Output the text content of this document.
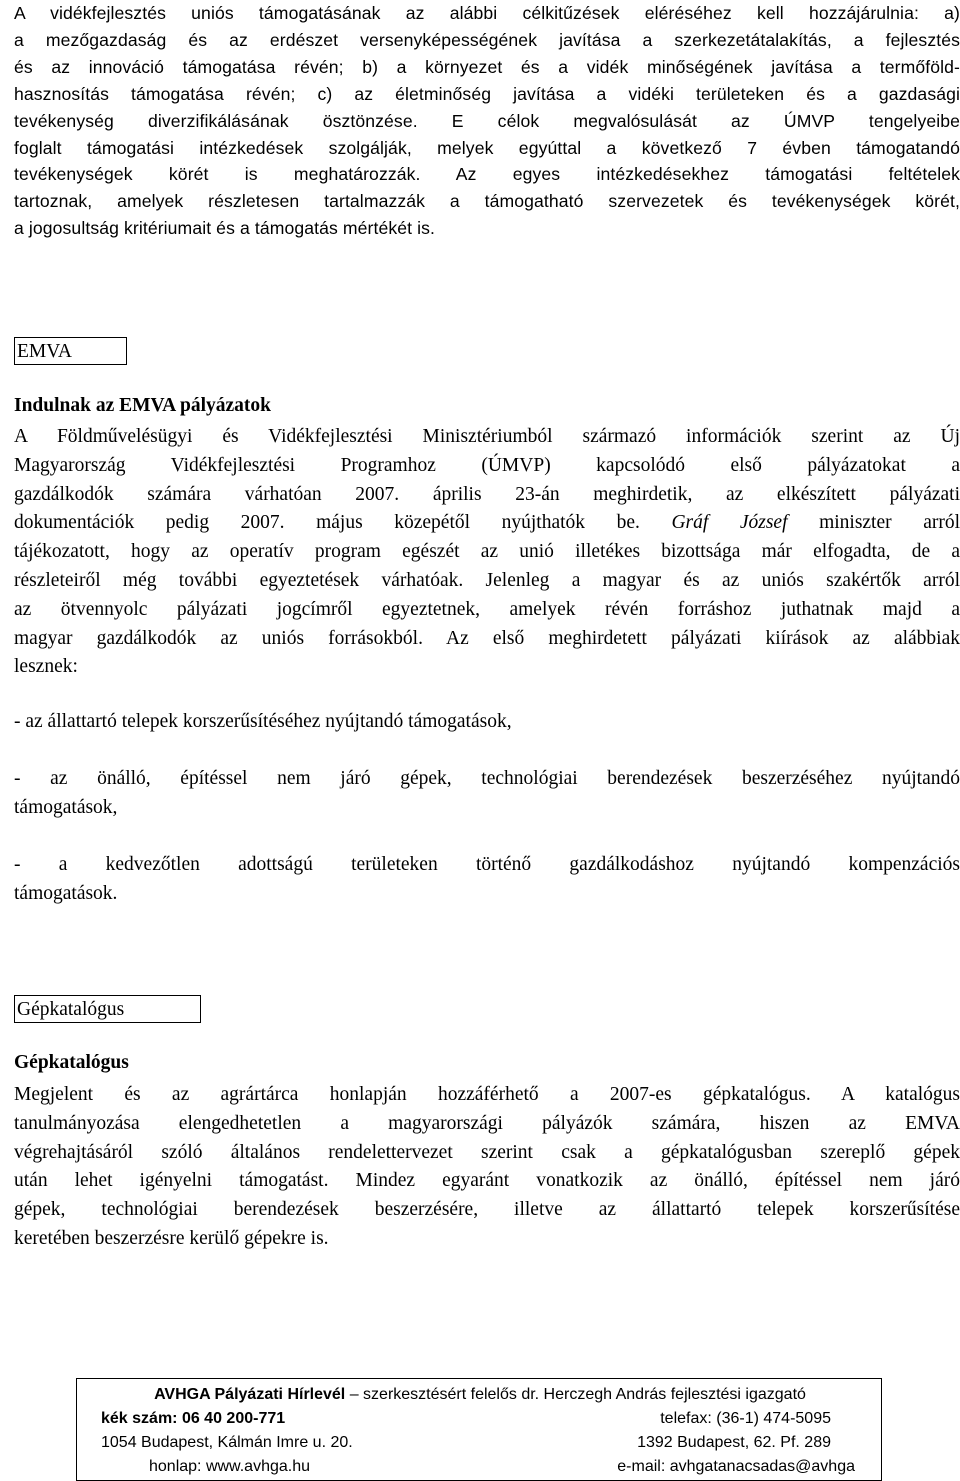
A vidékfejlesztés uniós támogatásának az alábbi célkitűzések eléréséhez kell hozzájárulnia: a)
a mezőgazdaság és az erdészet versenyképességének javítása a szerkezetátalakítás, a fejlesztés
és az innováció támogatása révén; b) a környezet és a vidék minőségének javítása a termőföld-
hasznosítás támogatása révén; c) az életminőség javítása a vidéki területeken és a gazdasági
tevékenység diverzifikálásának ösztönzése. E célok megvalósulását az ÚMVP tengelyeibe
foglalt támogatási intézkedések szolgálják, melyek egyúttal a következő 7 évben támogatandó
tevékenységek körét is meghatározzák. Az egyes intézkedésekhez támogatási feltételek
tartoznak, amelyek részletesen tartalmazzák a támogatható szervezetek és tevékenységek körét,
a jogosultság kritériumait és a támogatás mértékét is.
EMVA
Indulnak az EMVA pályázatok
A Földművelésügyi és Vidékfejlesztési Minisztériumból származó információk szerint az Új
Magyarország Vidékfejlesztési Programhoz (ÚMVP) kapcsolódó első pályázatokat a
gazdálkodók számára várhatóan 2007. április 23-án meghirdetik, az elkészített pályázati
dokumentációk pedig 2007. május közepétől nyújthatók be. Gráf József miniszter arról
tájékozatott, hogy az operatív program egészét az unió illetékes bizottsága már elfogadta, de a
részleteiről még további egyeztetések várhatóak. Jelenleg a magyar és az uniós szakértők arról
az ötvennyolc pályázati jogcímről egyeztetnek, amelyek révén forráshoz juthatnak majd a
magyar gazdálkodók az uniós forrásokból. Az első meghirdetett pályázati kiírások az alábbiak
lesznek:
- az állattartó telepek korszerűsítéséhez nyújtandó támogatások,
- az önálló, építéssel nem járó gépek, technológiai berendezések beszerzéséhez nyújtandó
támogatások,
- a kedvezőtlen adottságú területeken történő gazdálkodáshoz nyújtandó kompenzációs
támogatások.
Gépkatalógus
Gépkatalógus
Megjelent és az agrártárca honlapján hozzáférhető a 2007-es gépkatalógus. A katalógus
tanulmányozása elengedhetetlen a magyarországi pályázók számára, hiszen az EMVA
végrehajtásáról szóló általános rendelettervezet szerint csak a gépkatalógusban szereplő gépek
után lehet igényelni támogatást. Mindez egyaránt vonatkozik az önálló, építéssel nem járó
gépek, technológiai berendezések beszerzésére, illetve az állattartó telepek korszerűsítése
keretében beszerzésre kerülő gépekre is.
AVHGA Pályázati Hírlevél – szerkesztésért felelős dr. Herczegh András fejlesztési igazgató
kék szám: 06 40 200-771	telefax: (36-1) 474-5095
1054 Budapest, Kálmán Imre u. 20.	1392 Budapest, 62. Pf. 289
honlap: www.avhga.hu	e-mail: avhgatanacsadas@avhga
